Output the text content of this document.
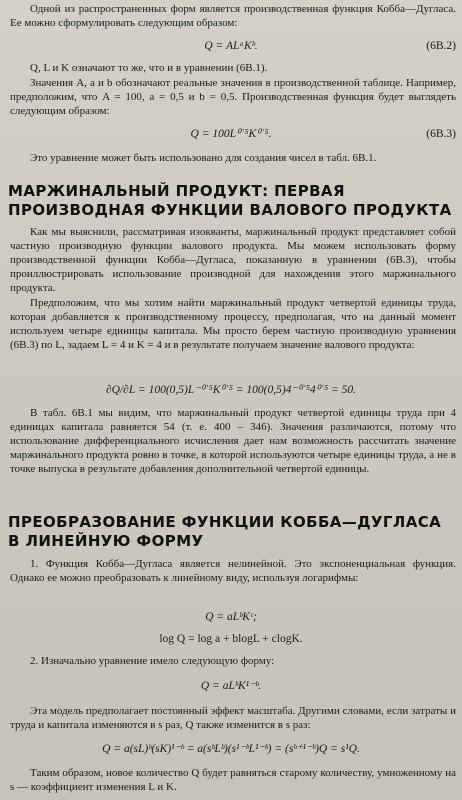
Одной из распространенных форм является производственная функция Кобба—Дугласа. Ее можно сформулировать следующим образом:

Q = ALᵃKᵇ.	(6B.2)

Q, L и K означают то же, что и в уравнении (6В.1).

Значения A, a и b обозначают реальные значения в производственной таблице. Например, предположим, что A = 100, a = 0,5 и b = 0,5. Производственная функция будет выглядеть следующим образом:

Q = 100L⁰˙⁵K⁰˙⁵.	(6B.3)

Это уравнение может быть использовано для создания чисел в табл. 6В.1.

МАРЖИНАЛЬНЫЙ ПРОДУКТ: ПЕРВАЯ ПРОИЗВОДНАЯ ФУНКЦИИ ВАЛОВОГО ПРОДУКТА

Как мы выяснили, рассматривая изокванты, маржинальный продукт представляет собой частную производную функции валового продукта. Мы можем использовать форму производственной функции Кобба—Дугласа, показанную в уравнении (6В.3), чтобы проиллюстрировать использование производной для нахождения этого маржинального продукта.

Предположим, что мы хотим найти маржинальный продукт четвертой единицы труда, которая добавляется к производственному процессу, предполагая, что на данный момент используем четыре единицы капитала. Мы просто берем частную производную уравнения (6В.3) по L, задаем L = 4 и K = 4 и в результате получаем значение валового продукта:

∂Q/∂L = 100(0,5)L⁻⁰˙⁵K⁰˙⁵ = 100(0,5)4⁻⁰˙⁵4⁰˙⁵ = 50.

В табл. 6В.1 мы видим, что маржинальный продукт четвертой единицы труда при 4 единицах капитала равняется 54 (т. е. 400 – 346). Значения различаются, потому что использование дифференциального исчисления дает нам возможность рассчитать значение маржинального продукта ровно в точке, в которой используются четыре единицы труда, а не в точке выпуска в результате добавления дополнительной четвертой единицы.

ПРЕОБРАЗОВАНИЕ ФУНКЦИИ КОББА—ДУГЛАСА В ЛИНЕЙНУЮ ФОРМУ

1. Функция Кобба—Дугласа является нелинейной. Это экспоненциальная функция. Однако ее можно преобразовать к линейному виду, используя логарифмы:

Q = aLᵇKᶜ;
log Q = log a + blogL + clogK.

2. Изначально уравнение имело следующую форму:

Q = aLᵇK¹⁻ᵇ.

Эта модель предполагает постоянный эффект масштаба. Другими словами, если затраты и труда и капитала изменяются в s раз, Q также изменится в s раз:

Q = a(sL)ᵇ(sK)¹⁻ᵇ = a(sᵇLᵇ)(s¹⁻ᵇL¹⁻ᵇ) = (sᵇ⁺¹⁻ᵇ)Q = s¹Q.

Таким образом, новое количество Q будет равняться старому количеству, умноженному на s — коэффициент изменения L и K.
